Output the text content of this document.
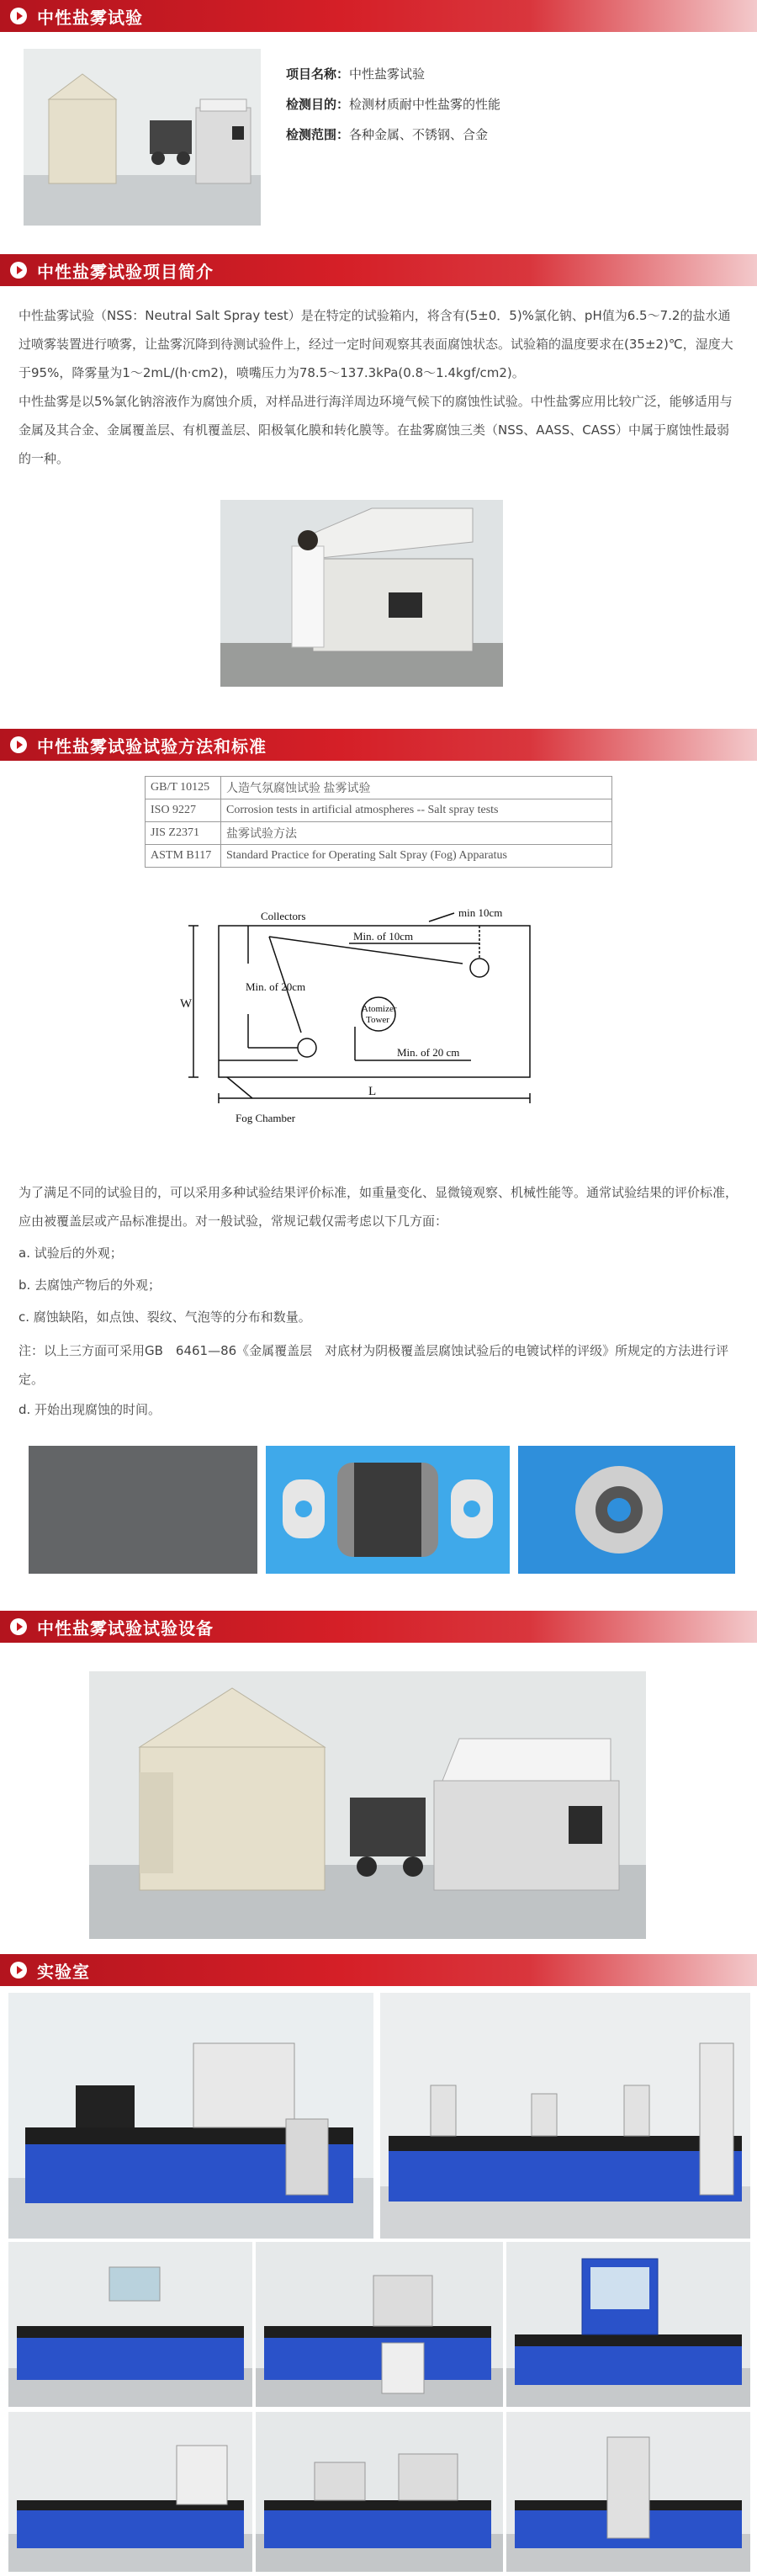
中性盐雾试验
项目名称：中性盐雾试验
检测目的：检测材质耐中性盐雾的性能
检测范围：各种金属、不锈钢、合金
中性盐雾试验项目简介
中性盐雾试验（NSS：Neutral Salt Spray test）是在特定的试验箱内，将含有(5±0．5)%氯化钠、pH值为6.5～7.2的盐水通过喷雾装置进行喷雾，让盐雾沉降到待测试验件上，经过一定时间观察其表面腐蚀状态。试验箱的温度要求在(35±2)℃，湿度大于95%，降雾量为1～2mL/(h·cm2)，喷嘴压力为78.5～137.3kPa(0.8～1.4kgf/cm2)。
中性盐雾是以5%氯化钠溶液作为腐蚀介质，对样品进行海洋周边环境气候下的腐蚀性试验。中性盐雾应用比较广泛，能够适用与金属及其合金、金属覆盖层、有机覆盖层、阳极氧化膜和转化膜等。在盐雾腐蚀三类（NSS、AASS、CASS）中属于腐蚀性最弱的一种。
中性盐雾试验试验方法和标准
GB/T 10125	人造气氛腐蚀试验 盐雾试验
ISO 9227	Corrosion tests in artificial atmospheres -- Salt spray tests
JIS Z2371	盐雾试验方法
ASTM B117	Standard Practice for Operating Salt Spray (Fog) Apparatus
Collectors	min 10cm
Min. of 10cm
Min. of 20cm
Atomizer
Tower
Min. of 20 cm
W
L
Fog Chamber
为了满足不同的试验目的，可以采用多种试验结果评价标准，如重量变化、显微镜观察、机械性能等。通常试验结果的评价标准，应由被覆盖层或产品标准提出。对一般试验，常规记载仅需考虑以下几方面：
a. 试验后的外观；
b. 去腐蚀产物后的外观；
c. 腐蚀缺陷，如点蚀、裂纹、气泡等的分布和数量。
注：以上三方面可采用GB　6461—86《金属覆盖层　对底材为阴极覆盖层腐蚀试验后的电镀试样的评级》所规定的方法进行评定。
d. 开始出现腐蚀的时间。
中性盐雾试验试验设备
实验室
